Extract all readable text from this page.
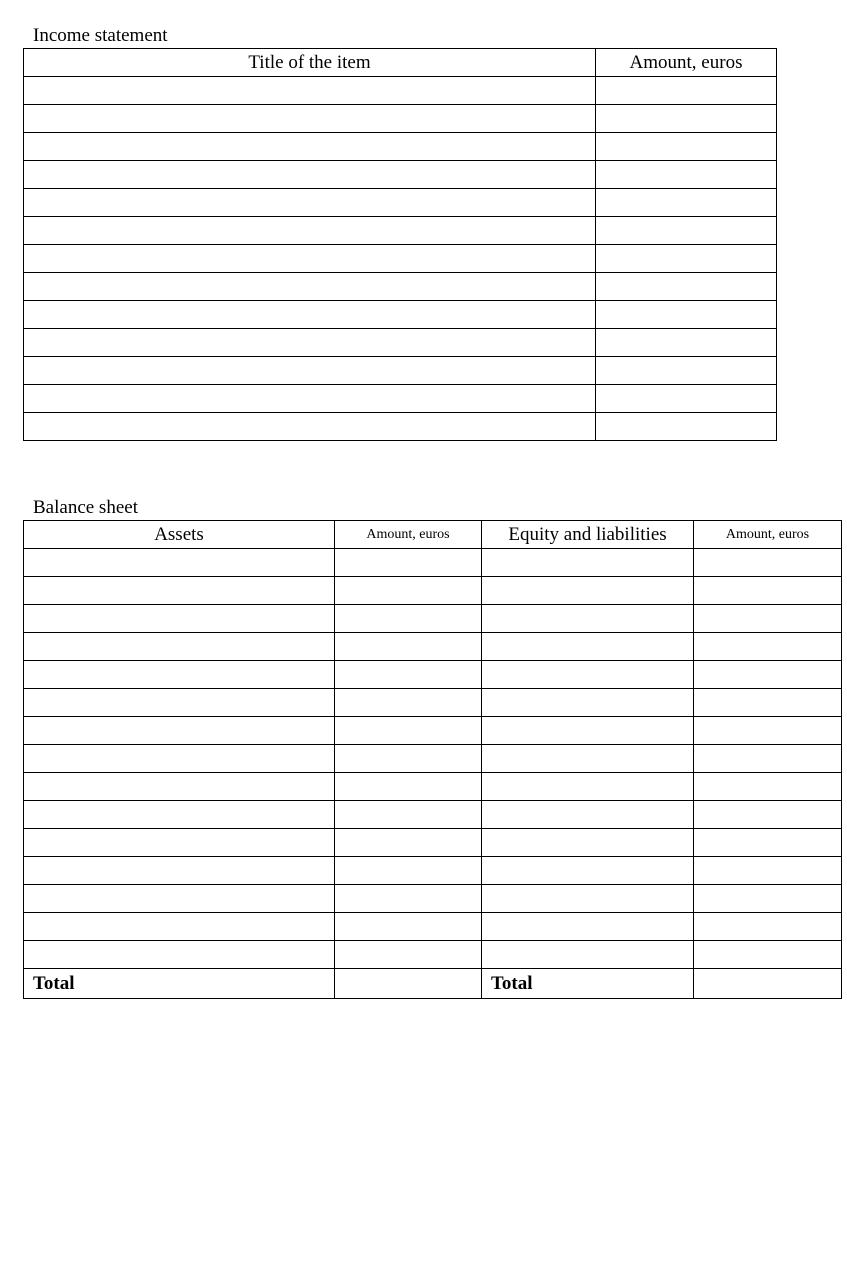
Income statement
Title of the item	Amount, euros

Balance sheet
Assets	Amount, euros	Equity and liabilities	Amount, euros

Total		Total	
